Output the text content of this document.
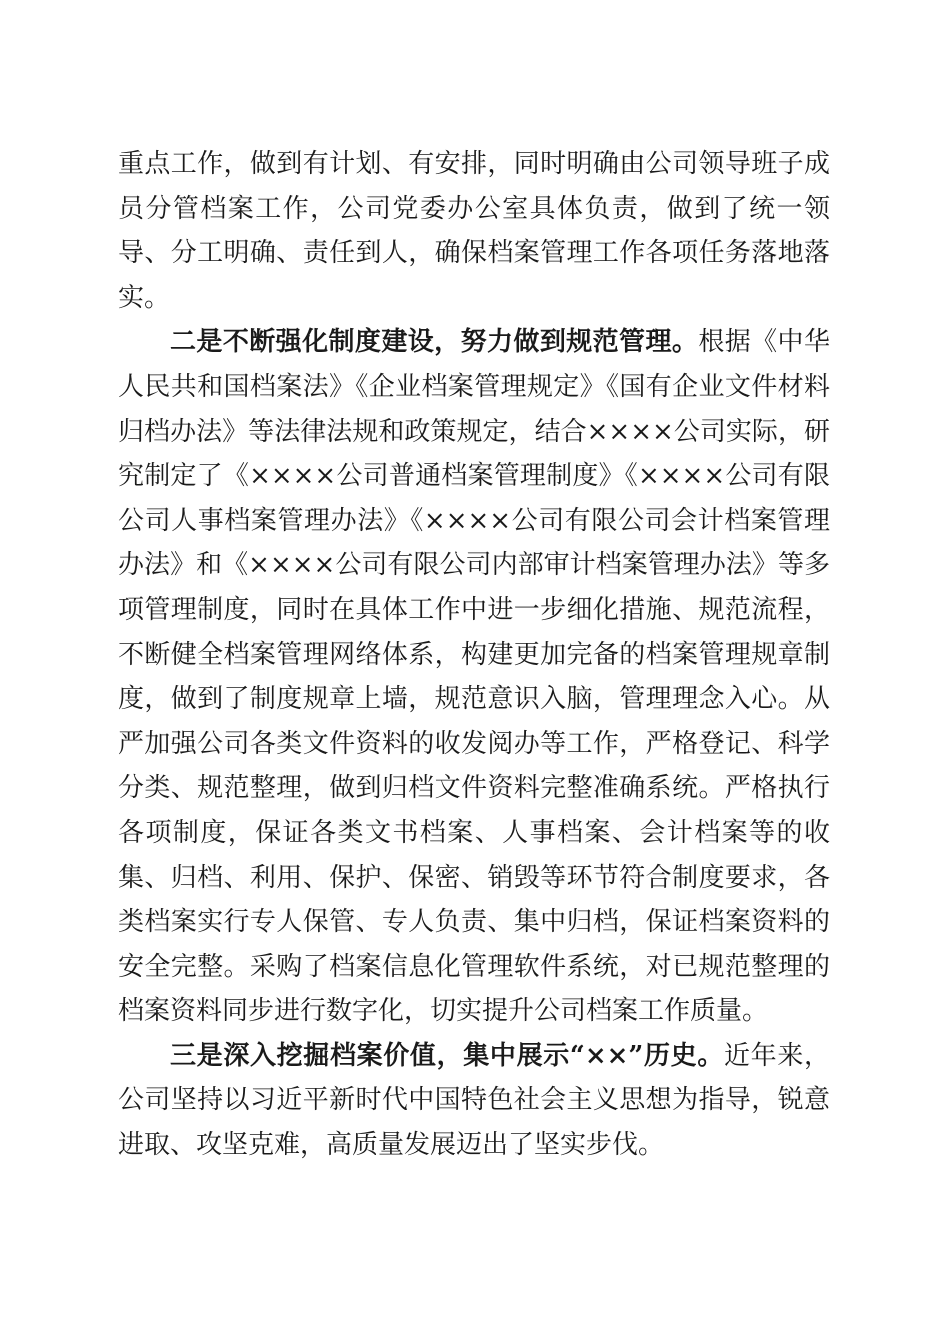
重点工作，做到有计划、有安排，同时明确由公司领导班子成员分管档案工作，公司党委办公室具体负责，做到了统一领导、分工明确、责任到人，确保档案管理工作各项任务落地落实。

二是不断强化制度建设，努力做到规范管理。根据《中华人民共和国档案法》《企业档案管理规定》《国有企业文件材料归档办法》等法律法规和政策规定，结合××××公司实际，研究制定了《××××公司普通档案管理制度》《××××公司有限公司人事档案管理办法》《××××公司有限公司会计档案管理办法》和《××××公司有限公司内部审计档案管理办法》等多项管理制度，同时在具体工作中进一步细化措施、规范流程，不断健全档案管理网络体系，构建更加完备的档案管理规章制度，做到了制度规章上墙，规范意识入脑，管理理念入心。从严加强公司各类文件资料的收发阅办等工作，严格登记、科学分类、规范整理，做到归档文件资料完整准确系统。严格执行各项制度，保证各类文书档案、人事档案、会计档案等的收集、归档、利用、保护、保密、销毁等环节符合制度要求，各类档案实行专人保管、专人负责、集中归档，保证档案资料的安全完整。采购了档案信息化管理软件系统，对已规范整理的档案资料同步进行数字化，切实提升公司档案工作质量。

三是深入挖掘档案价值，集中展示“××”历史。近年来，公司坚持以习近平新时代中国特色社会主义思想为指导，锐意进取、攻坚克难，高质量发展迈出了坚实步伐。
